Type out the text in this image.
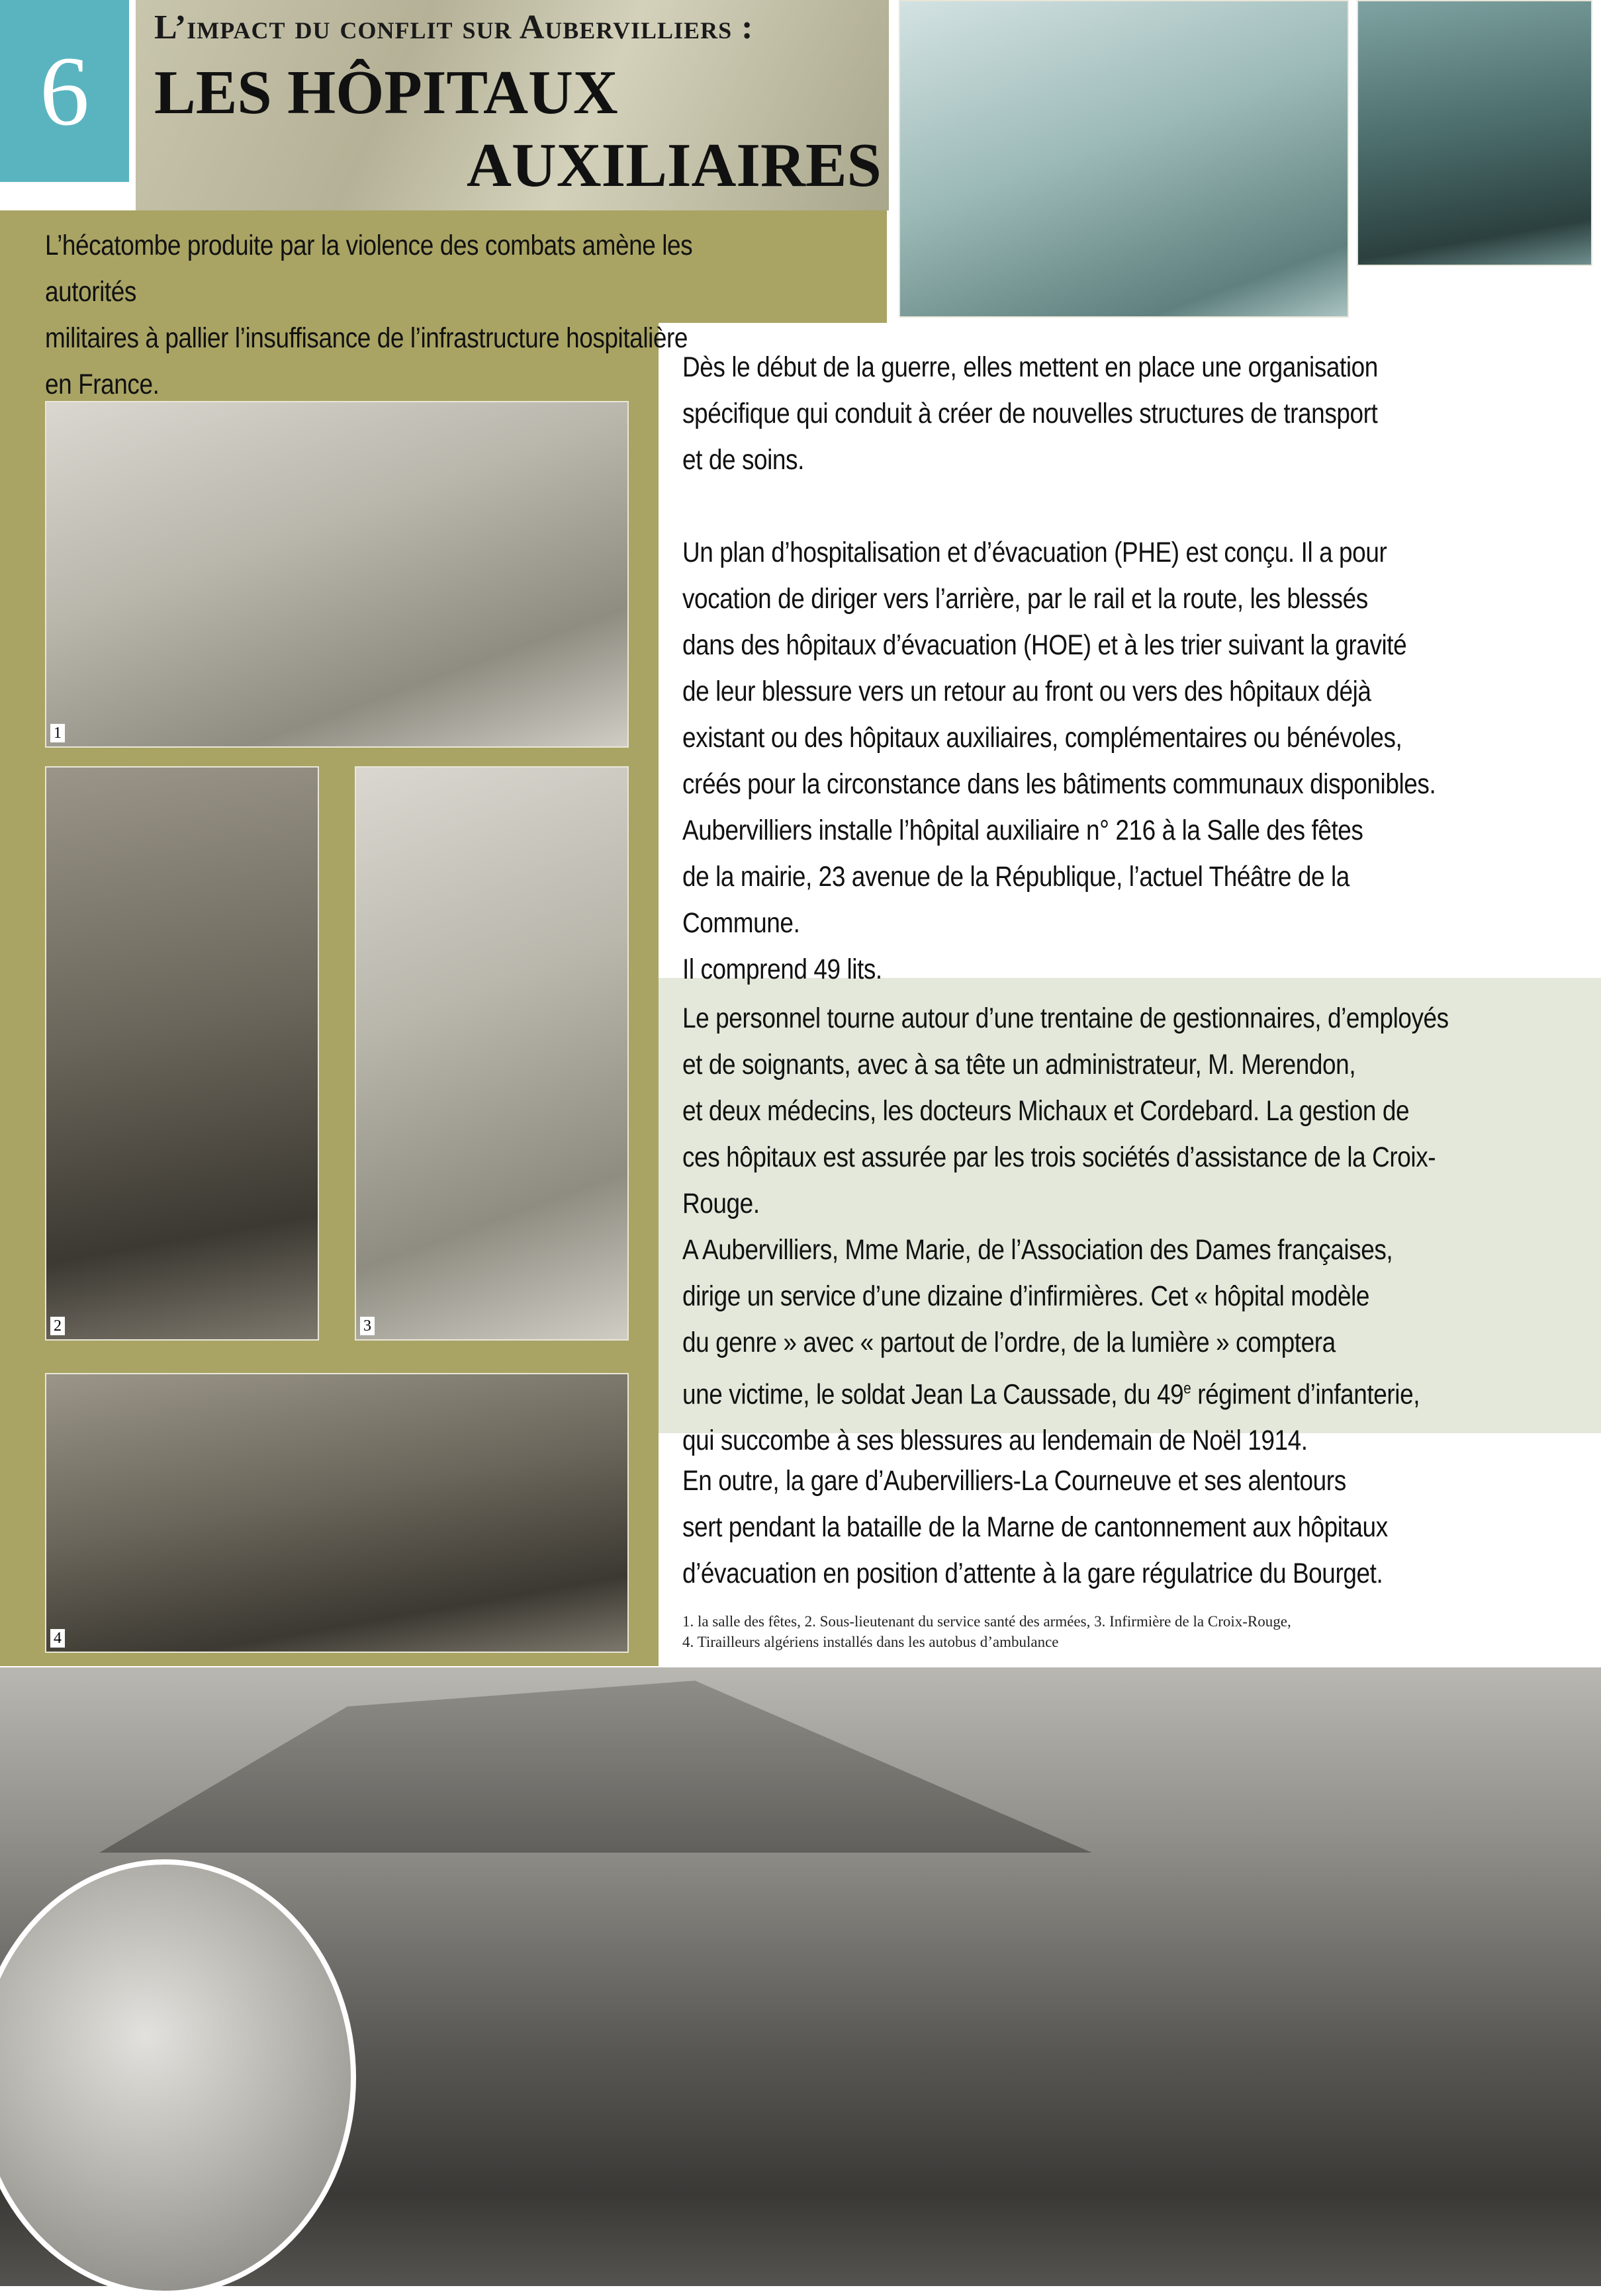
6
L’impact du conflit sur Aubervilliers :
LES HÔPITAUX
AUXILIAIRES

L’hécatombe produite par la violence des combats amène les autorités
militaires à pallier l’insuffisance de l’infrastructure hospitalière
en France.

1
2	3
4

Dès le début de la guerre, elles mettent en place une organisation
spécifique qui conduit à créer de nouvelles structures de transport
et de soins.

Un plan d’hospitalisation et d’évacuation (PHE) est conçu. Il a pour
vocation de diriger vers l’arrière, par le rail et la route, les blessés
dans des hôpitaux d’évacuation (HOE) et à les trier suivant la gravité
de leur blessure vers un retour au front ou vers des hôpitaux déjà
existant ou des hôpitaux auxiliaires, complémentaires ou bénévoles,
créés pour la circonstance dans les bâtiments communaux disponibles.
Aubervilliers installe l’hôpital auxiliaire n° 216 à la Salle des fêtes
de la mairie, 23 avenue de la République, l’actuel Théâtre de la Commune.
Il comprend 49 lits.

Le personnel tourne autour d’une trentaine de gestionnaires, d’employés
et de soignants, avec à sa tête un administrateur, M. Merendon,
et deux médecins, les docteurs Michaux et Cordebard. La gestion de
ces hôpitaux est assurée par les trois sociétés d’assistance de la Croix-Rouge.
A Aubervilliers, Mme Marie, de l’Association des Dames françaises,
dirige un service d’une dizaine d’infirmières. Cet « hôpital modèle
du genre » avec « partout de l’ordre, de la lumière » comptera
une victime, le soldat Jean La Caussade, du 49e régiment d’infanterie,
qui succombe à ses blessures au lendemain de Noël 1914.

En outre, la gare d’Aubervilliers-La Courneuve et ses alentours
sert pendant la bataille de la Marne de cantonnement aux hôpitaux
d’évacuation en position d’attente à la gare régulatrice du Bourget.

1. la salle des fêtes, 2. Sous-lieutenant du service santé des armées, 3. Infirmière de la Croix-Rouge,
4. Tirailleurs algériens installés dans les autobus d’ambulance
